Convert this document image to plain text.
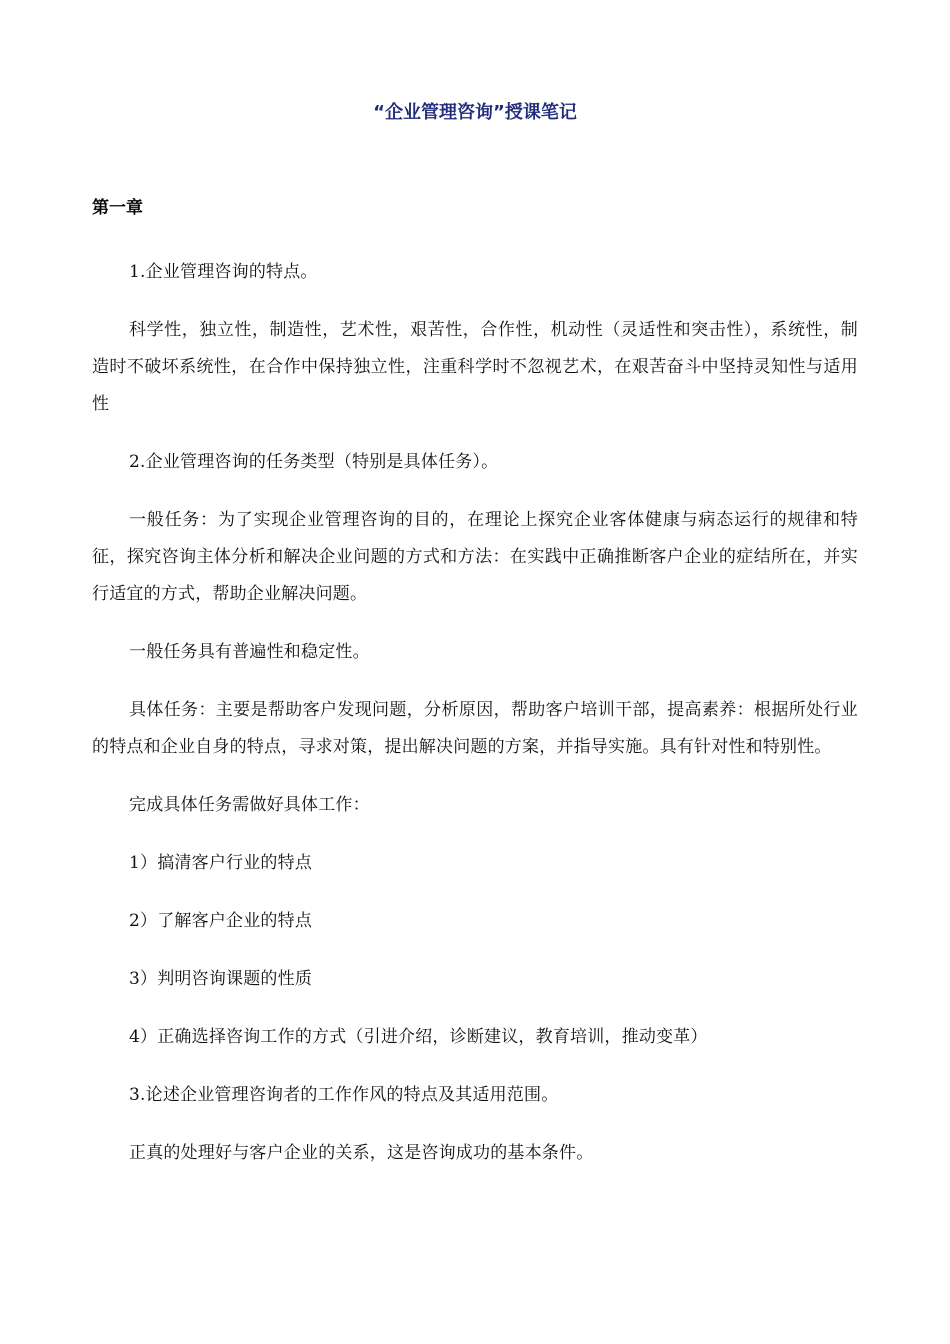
“企业管理咨询”授课笔记
第一章

1.企业管理咨询的特点。

科学性，独立性，制造性，艺术性，艰苦性，合作性，机动性（灵适性和突击性），系统性，制造时不破坏系统性，在合作中保持独立性，注重科学时不忽视艺术，在艰苦奋斗中坚持灵知性与适用性

2.企业管理咨询的任务类型（特别是具体任务）。

一般任务：为了实现企业管理咨询的目的，在理论上探究企业客体健康与病态运行的规律和特征，探究咨询主体分析和解决企业问题的方式和方法：在实践中正确推断客户企业的症结所在，并实行适宜的方式，帮助企业解决问题。

一般任务具有普遍性和稳定性。

具体任务：主要是帮助客户发现问题，分析原因，帮助客户培训干部，提高素养：根据所处行业的特点和企业自身的特点，寻求对策，提出解决问题的方案，并指导实施。具有针对性和特别性。

完成具体任务需做好具体工作：

1）搞清客户行业的特点

2）了解客户企业的特点

3）判明咨询课题的性质

4）正确选择咨询工作的方式（引进介绍，诊断建议，教育培训，推动变革）

3.论述企业管理咨询者的工作作风的特点及其适用范围。

正真的处理好与客户企业的关系，这是咨询成功的基本条件。
